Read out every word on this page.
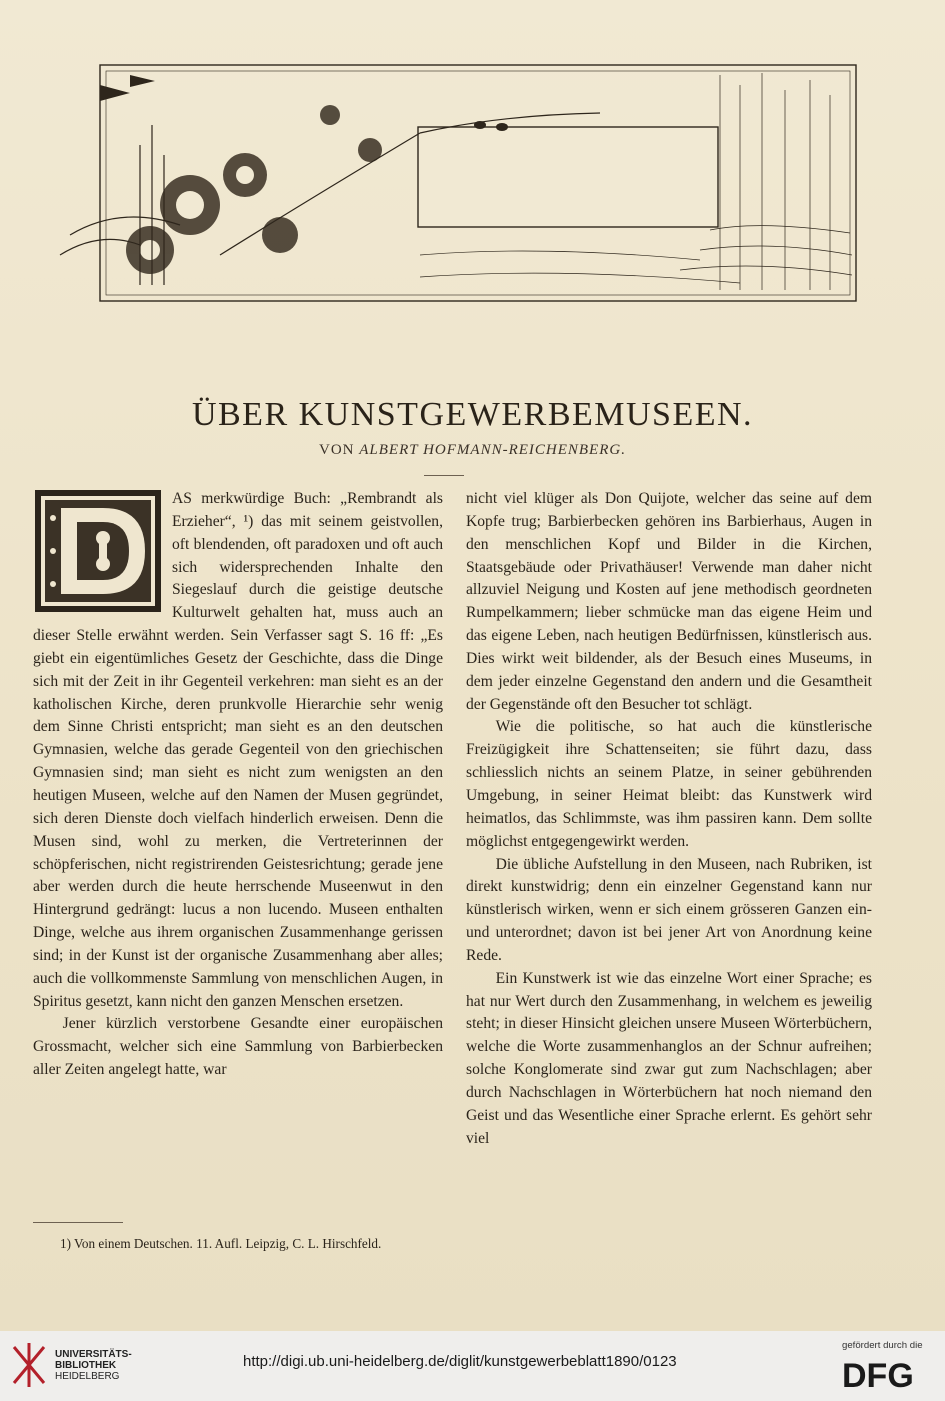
ÜBER KUNSTGEWERBEMUSEEN.
VON ALBERT HOFMANN-REICHENBERG.

AS merkwürdige Buch: „Rembrandt als Erzieher“, ¹) das mit seinem geistvollen, oft blendenden, oft paradoxen und oft auch sich widersprechenden Inhalte den Siegeslauf durch die geistige deutsche Kulturwelt gehalten hat, muss auch an dieser Stelle erwähnt werden. Sein Verfasser sagt S. 16 ff: „Es giebt ein eigentümliches Gesetz der Geschichte, dass die Dinge sich mit der Zeit in ihr Gegenteil verkehren: man sieht es an der katholischen Kirche, deren prunkvolle Hierarchie sehr wenig dem Sinne Christi entspricht; man sieht es an den deutschen Gymnasien, welche das gerade Gegenteil von den griechischen Gymnasien sind; man sieht es nicht zum wenigsten an den heutigen Museen, welche auf den Namen der Musen gegründet, sich deren Dienste doch vielfach hinderlich erweisen. Denn die Musen sind, wohl zu merken, die Vertreterinnen der schöpferischen, nicht registrirenden Geistesrichtung; gerade jene aber werden durch die heute herrschende Museenwut in den Hintergrund gedrängt: lucus a non lucendo. Museen enthalten Dinge, welche aus ihrem organischen Zusammenhange gerissen sind; in der Kunst ist der organische Zusammenhang aber alles; auch die vollkommenste Sammlung von menschlichen Augen, in Spiritus gesetzt, kann nicht den ganzen Menschen ersetzen.

Jener kürzlich verstorbene Gesandte einer europäischen Grossmacht, welcher sich eine Sammlung von Barbierbecken aller Zeiten angelegt hatte, war

nicht viel klüger als Don Quijote, welcher das seine auf dem Kopfe trug; Barbierbecken gehören ins Barbierhaus, Augen in den menschlichen Kopf und Bilder in die Kirchen, Staatsgebäude oder Privathäuser! Verwende man daher nicht allzuviel Neigung und Kosten auf jene methodisch geordneten Rumpelkammern; lieber schmücke man das eigene Heim und das eigene Leben, nach heutigen Bedürfnissen, künstlerisch aus. Dies wirkt weit bildender, als der Besuch eines Museums, in dem jeder einzelne Gegenstand den andern und die Gesamtheit der Gegenstände oft den Besucher tot schlägt.

Wie die politische, so hat auch die künstlerische Freizügigkeit ihre Schattenseiten; sie führt dazu, dass schliesslich nichts an seinem Platze, in seiner gebührenden Umgebung, in seiner Heimat bleibt: das Kunstwerk wird heimatlos, das Schlimmste, was ihm passiren kann. Dem sollte möglichst entgegengewirkt werden.

Die übliche Aufstellung in den Museen, nach Rubriken, ist direkt kunstwidrig; denn ein einzelner Gegenstand kann nur künstlerisch wirken, wenn er sich einem grösseren Ganzen ein- und unterordnet; davon ist bei jener Art von Anordnung keine Rede.

Ein Kunstwerk ist wie das einzelne Wort einer Sprache; es hat nur Wert durch den Zusammenhang, in welchem es jeweilig steht; in dieser Hinsicht gleichen unsere Museen Wörterbüchern, welche die Worte zusammenhanglos an der Schnur aufreihen; solche Konglomerate sind zwar gut zum Nachschlagen; aber durch Nachschlagen in Wörterbüchern hat noch niemand den Geist und das Wesentliche einer Sprache erlernt. Es gehört sehr viel

1) Von einem Deutschen. 11. Aufl. Leipzig, C. L. Hirschfeld.
UNIVERSITÄTS-
BIBLIOTHEK
HEIDELBERG
http://digi.ub.uni-heidelberg.de/diglit/kunstgewerbeblatt1890/0123
gefördert durch die
DFG
